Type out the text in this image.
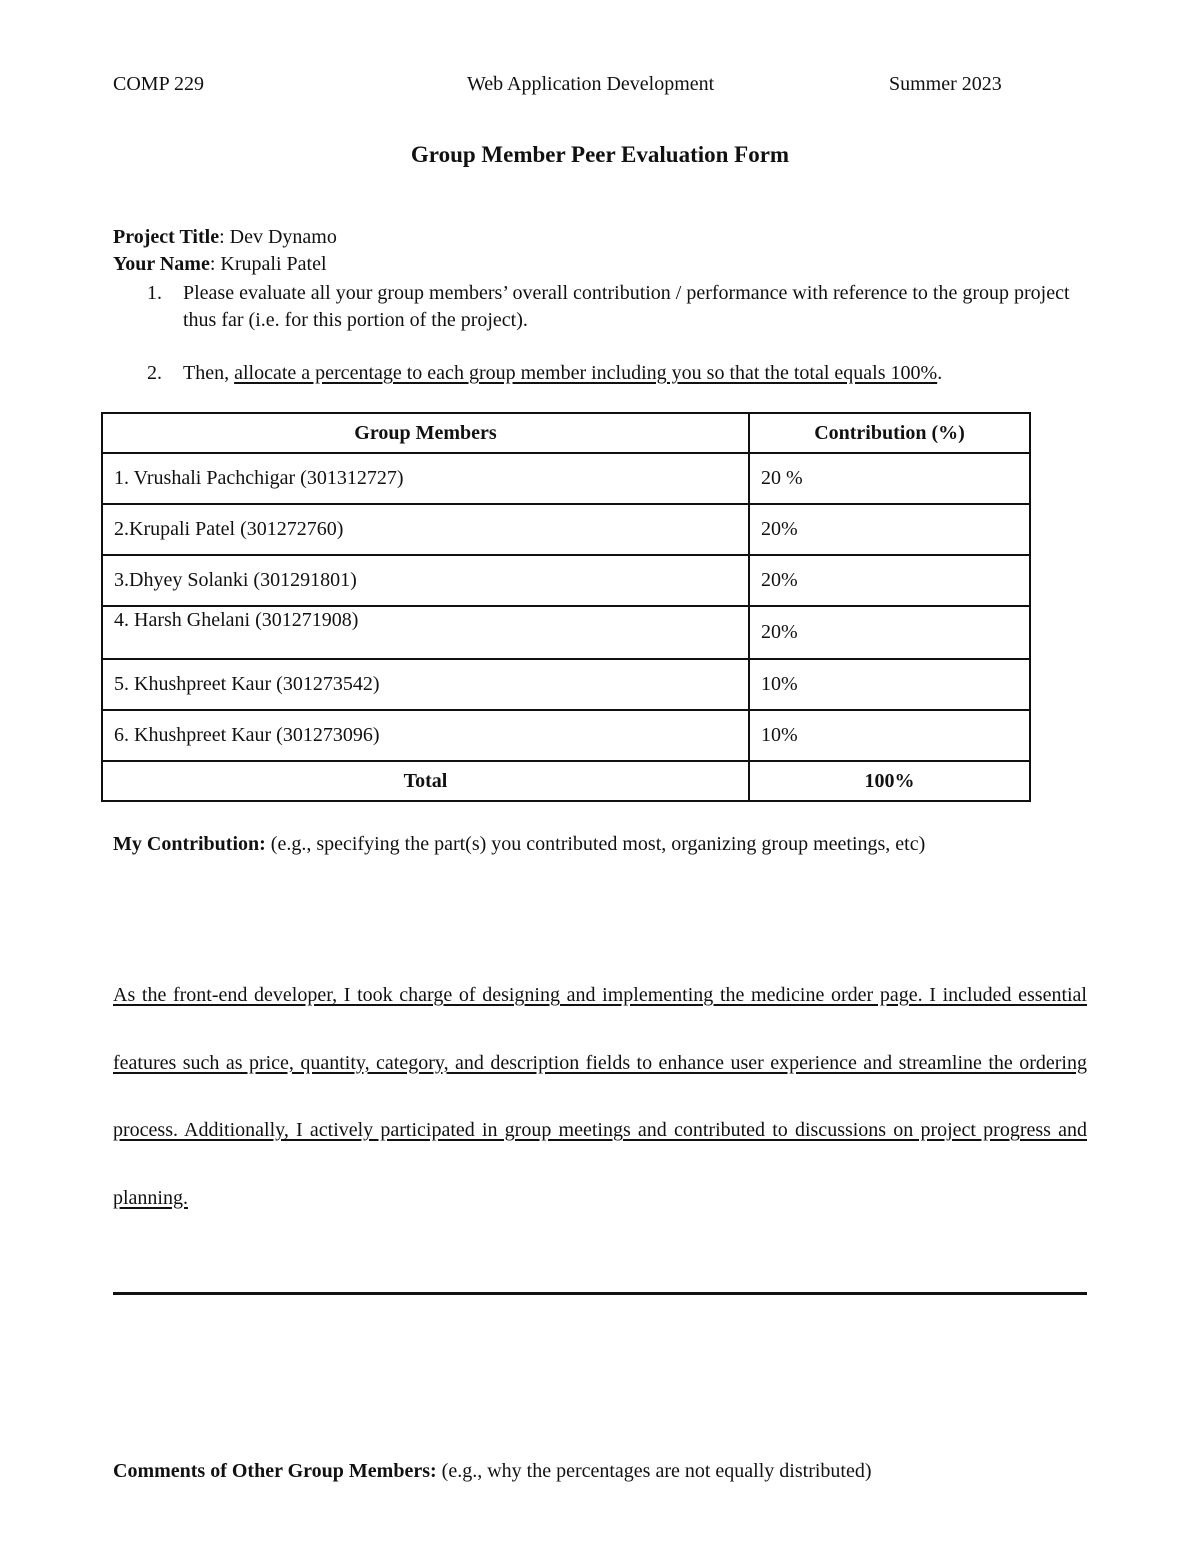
COMP 229	Web Application Development	Summer 2023
Group Member Peer Evaluation Form
Project Title: Dev Dynamo
Your Name: Krupali Patel
1. Please evaluate all your group members’ overall contribution / performance with reference to the group project thus far (i.e. for this portion of the project).
2. Then, allocate a percentage to each group member including you so that the total equals 100%.
Group Members	Contribution (%)
1. Vrushali Pachchigar (301312727)	20 %
2.Krupali Patel (301272760)	20%
3.Dhyey Solanki (301291801)	20%
4. Harsh Ghelani (301271908)	20%
5. Khushpreet Kaur (301273542)	10%
6. Khushpreet Kaur (301273096)	10%
Total	100%
My Contribution: (e.g., specifying the part(s) you contributed most, organizing group meetings, etc)
As the front-end developer, I took charge of designing and implementing the medicine order page. I included essential features such as price, quantity, category, and description fields to enhance user experience and streamline the ordering process. Additionally, I actively participated in group meetings and contributed to discussions on project progress and planning.
Comments of Other Group Members: (e.g., why the percentages are not equally distributed)
